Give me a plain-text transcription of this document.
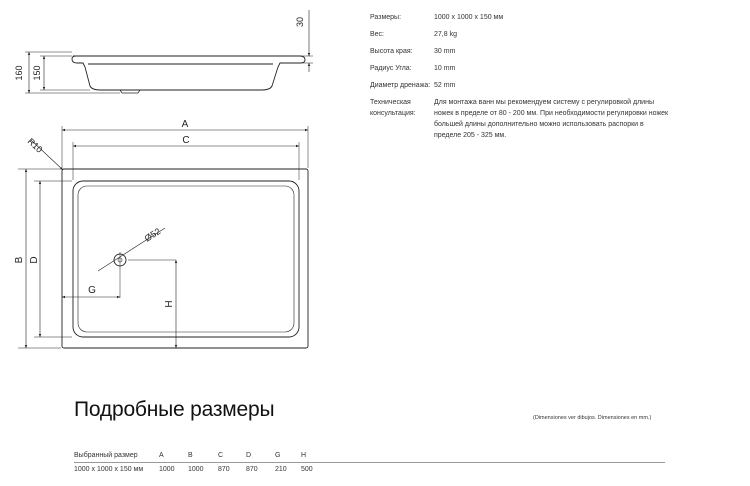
160 150
30
A
C
B D
R10
Ø52
G
H
Размеры:	1000 x 1000 x 150 мм
Вес:	27,8 kg
Высота края:	30 mm
Радиус Угла:	10 mm
Диаметр дренажа: 52 mm
Техническая консультация:
Для монтажа ванн мы рекомендуем систему с регулировкой длины ножек в пределе от 80 - 200 мм. При необходимости регулировки ножек большей длины дополнительно можно использовать распорки в пределе 205 - 325 мм.
Подробные размеры	(Dimensiones ver dibujos. Dimensiones en mm.)
Выбранный размер	A	B	C	D	G	H
1000 x 1000 x 150 мм	1000	1000	870	870	210	500
